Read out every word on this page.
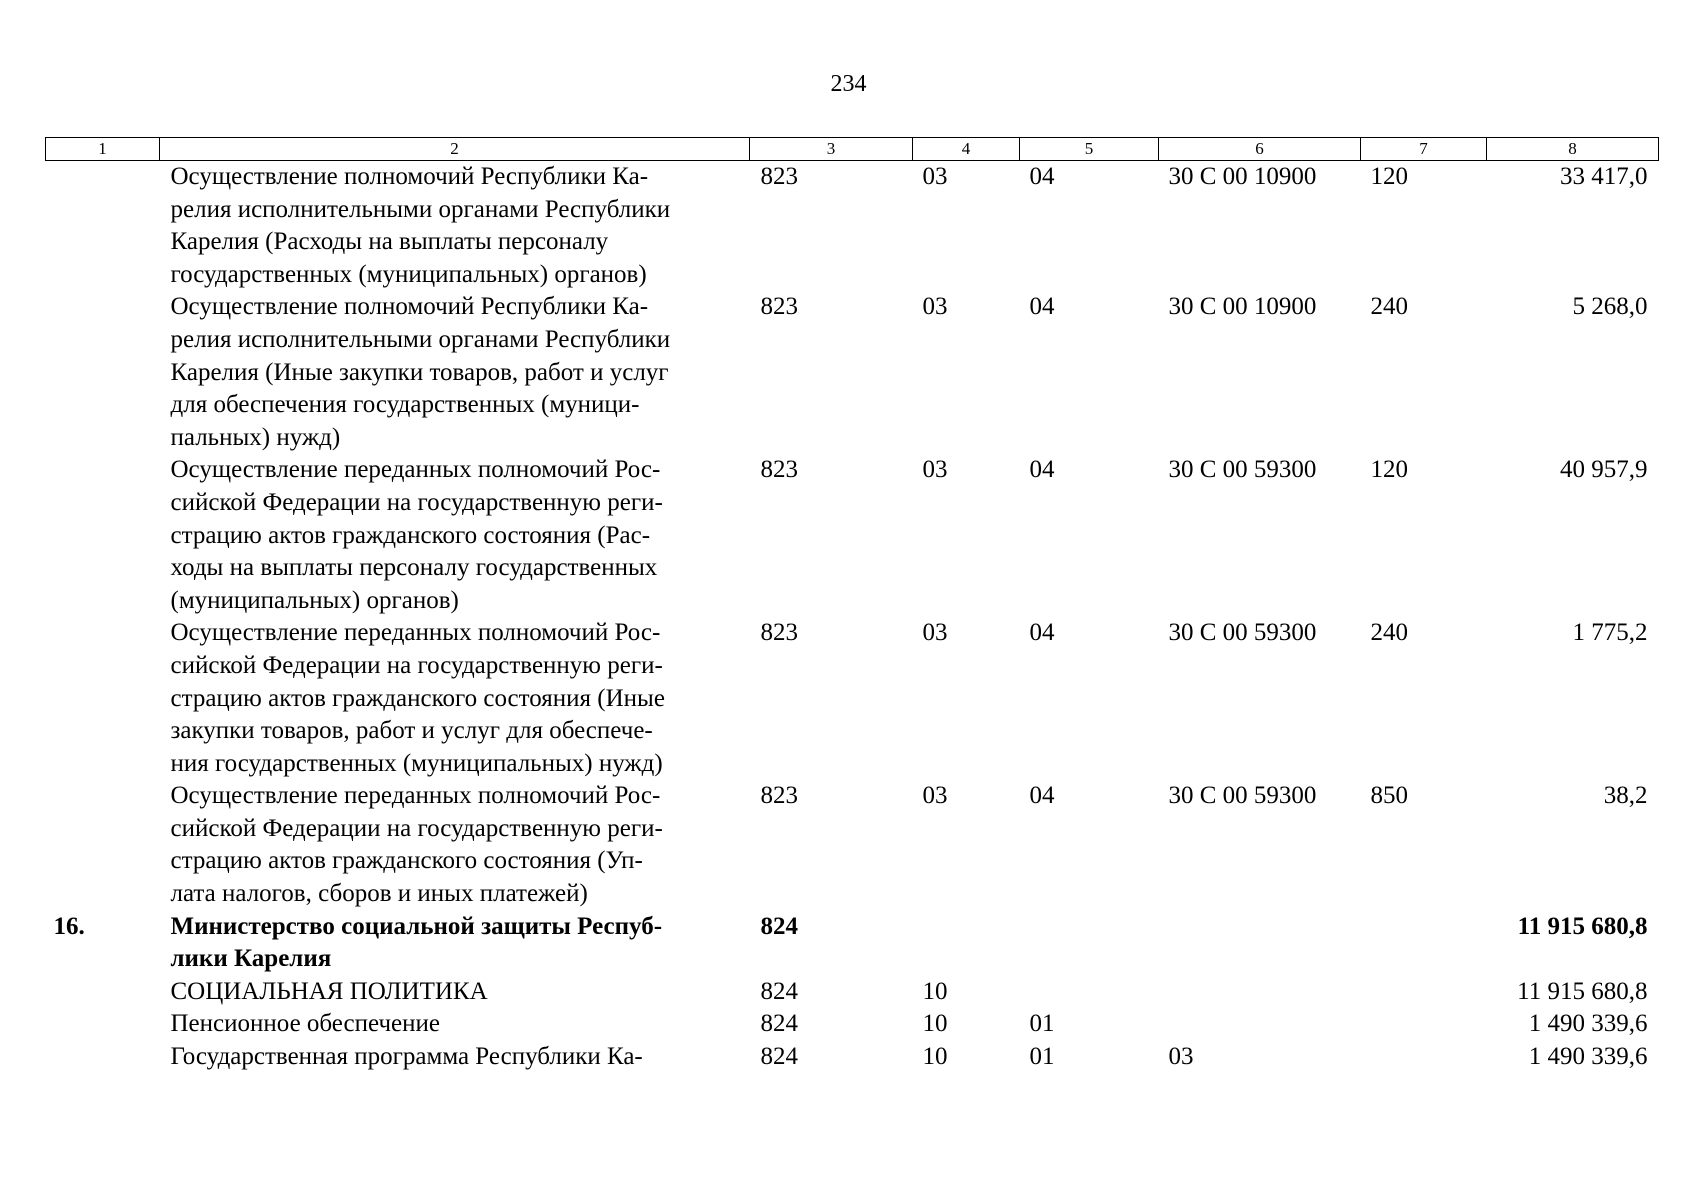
234
1	2	3	4	5	6	7	8
	Осуществление полномочий Республики Ка-
релия исполнительными органами Республики
Карелия (Расходы на выплаты персоналу
государственных (муниципальных) органов)	823	03	04	30 С 00 10900	120	33 417,0
	Осуществление полномочий Республики Ка-
релия исполнительными органами Республики
Карелия (Иные закупки товаров, работ и услуг
для обеспечения государственных (муници-
пальных) нужд)	823	03	04	30 С 00 10900	240	5 268,0
	Осуществление переданных полномочий Рос-
сийской Федерации на государственную реги-
страцию актов гражданского состояния (Рас-
ходы на выплаты персоналу государственных
(муниципальных) органов)	823	03	04	30 С 00 59300	120	40 957,9
	Осуществление переданных полномочий Рос-
сийской Федерации на государственную реги-
страцию актов гражданского состояния (Иные
закупки товаров, работ и услуг для обеспече-
ния государственных (муниципальных) нужд)	823	03	04	30 С 00 59300	240	1 775,2
	Осуществление переданных полномочий Рос-
сийской Федерации на государственную реги-
страцию актов гражданского состояния (Уп-
лата налогов, сборов и иных платежей)	823	03	04	30 С 00 59300	850	38,2
16.	Министерство социальной защиты Респуб-
лики Карелия	824					11 915 680,8
	СОЦИАЛЬНАЯ ПОЛИТИКА	824	10				11 915 680,8
	Пенсионное обеспечение	824	10	01			1 490 339,6
	Государственная программа Республики Ка-	824	10	01	03		1 490 339,6
